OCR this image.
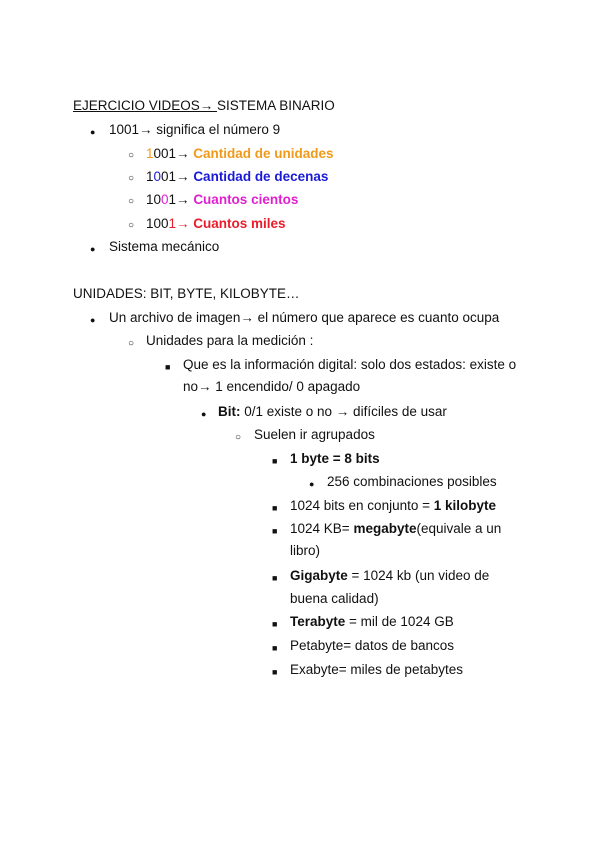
EJERCICIO VIDEOS→ SISTEMA BINARIO
●
1001→ significa el número 9
○
1001→ Cantidad de unidades
○
1001→ Cantidad de decenas
○
1001→ Cuantos cientos
○
1001→ Cuantos miles
●
Sistema mecánico
UNIDADES: BIT, BYTE, KILOBYTE…
●
Un archivo de imagen→ el número que aparece es cuanto ocupa
○
Unidades para la medición :
■
Que es la información digital: solo dos estados: existe o
no→ 1 encendido/ 0 apagado
●
Bit: 0/1 existe o no → difíciles de usar
○
Suelen ir agrupados
■
1 byte = 8 bits
●
256 combinaciones posibles
■
1024 bits en conjunto = 1 kilobyte
■
1024 KB= megabyte(equivale a un
libro)
■
Gigabyte = 1024 kb (un video de
buena calidad)
■
Terabyte = mil de 1024 GB
■
Petabyte= datos de bancos
■
Exabyte= miles de petabytes
